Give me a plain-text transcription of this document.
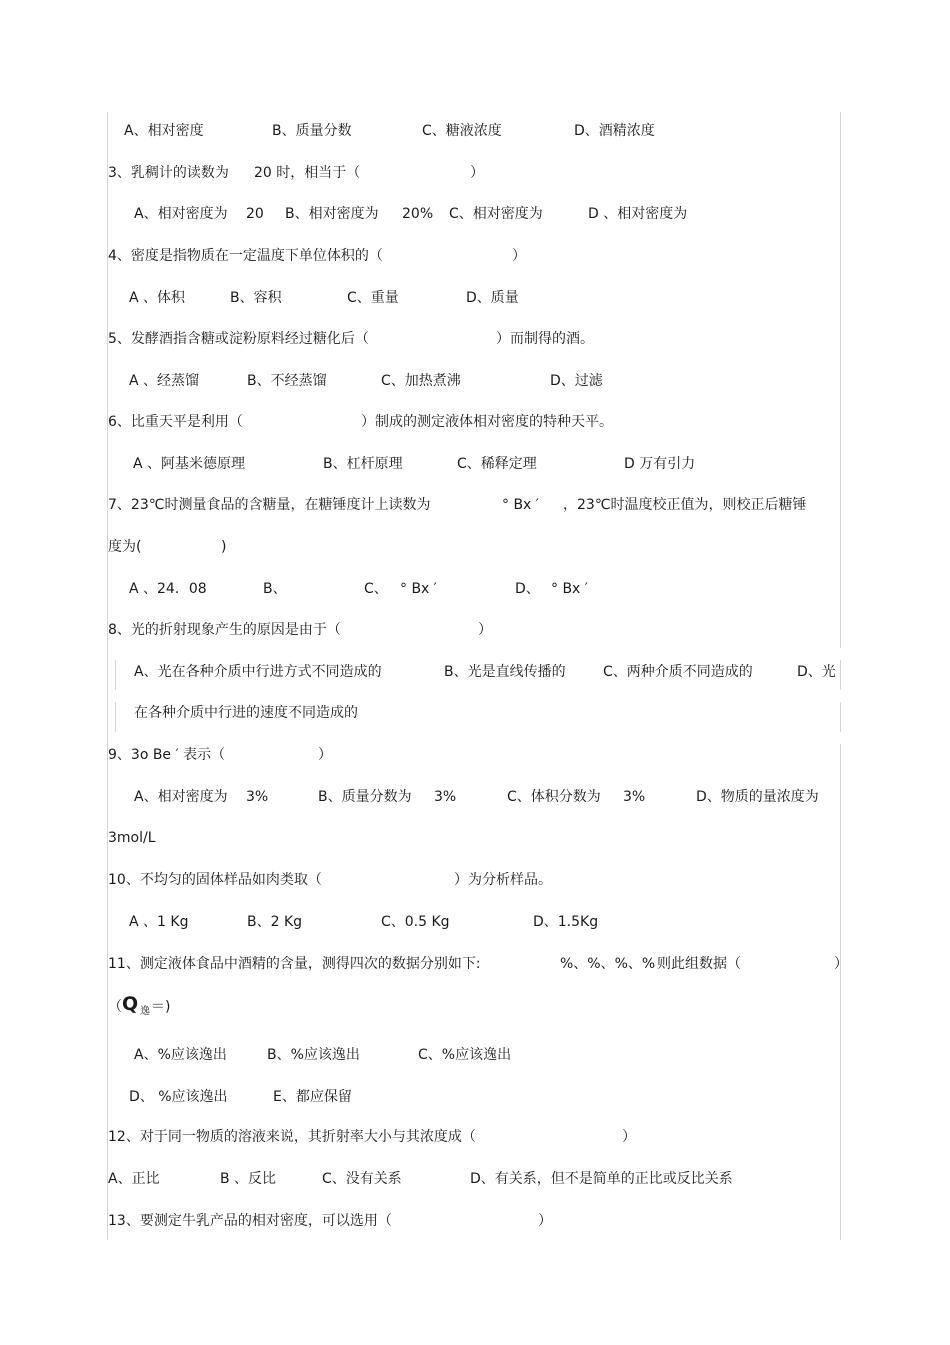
A、相对密度	B、质量分数	C、糖液浓度	D、酒精浓度
3、乳稠计的读数为 20 时，相当于（	）
A、相对密度为 20 B、相对密度为 20% C、相对密度为	D 、相对密度为
4、密度是指物质在一定温度下单位体积的（	）
A 、体积	B、容积	C、重量	D、质量
5、发酵酒指含糖或淀粉原料经过糖化后（	）而制得的酒。
A 、经蒸馏	B、不经蒸馏	C、加热煮沸	D、过滤
6、比重天平是利用（	）制成的测定液体相对密度的特种天平。
A 、阿基米德原理	B、杠杆原理	C、稀释定理	D 万有引力
7、23℃时测量食品的含糖量，在糖锤度计上读数为	° Bx ′ ，23℃时温度校正值为，则校正后糖锤
度为(	)
A 、24．08	B、	C、 ° Bx ′	D、 ° Bx ′
8、光的折射现象产生的原因是由于（	）
A、光在各种介质中行进方式不同造成的	B、光是直线传播的	C、两种介质不同造成的	D、光
在各种介质中行进的速度不同造成的
9、3o Be ′ 表示（	）
A、相对密度为 3%	B、质量分数为 3%	C、体积分数为 3%	D、物质的量浓度为
3mol/L
10、不均匀的固体样品如肉类取（	）为分析样品。
A 、1 Kg	B、2 Kg	C、0.5 Kg	D、1.5Kg
11、测定液体食品中酒精的含量，测得四次的数据分别如下:	%、%、%、% 则此组数据（	）
（ Q 逸 ＝)
A、%应该逸出	B、%应该逸出	C、%应该逸出
D、 %应该逸出	E、都应保留
12、对于同一物质的溶液来说，其折射率大小与其浓度成（	）
A、正比	B 、反比	C、没有关系	D、有关系，但不是简单的正比或反比关系
13、要测定牛乳产品的相对密度，可以选用（	）
